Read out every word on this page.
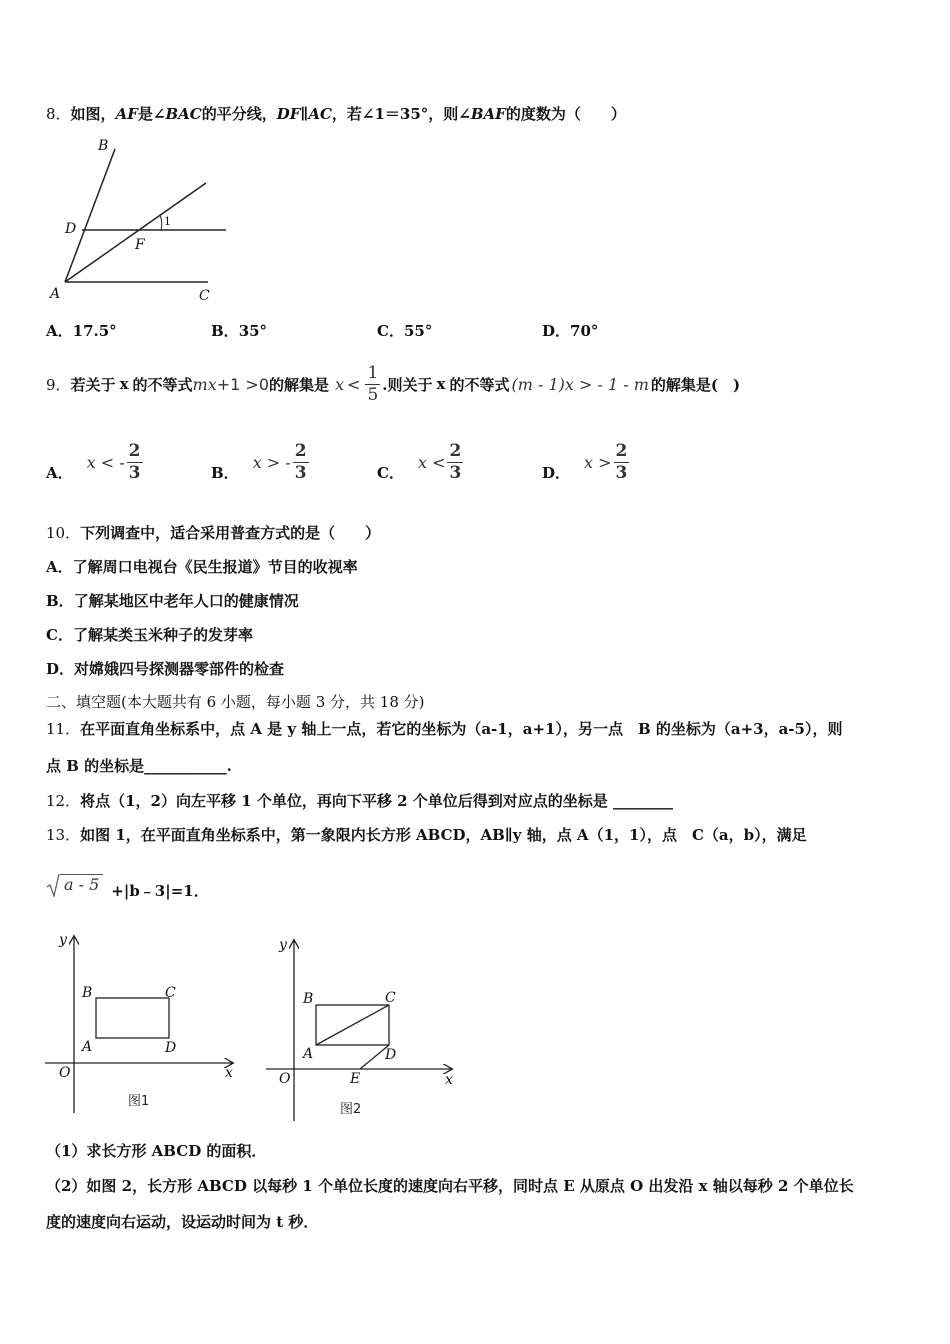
8．如图，AF是∠BAC的平分线，DF∥AC，若∠1＝35°，则∠BAF的度数为（　　）
B
D
F
1
A	C
A．17.5°	B．35°	C．55°	D．70°
9． 若关于 x 的不等式 mx +1 >0 的解集是 $x < \frac{1}{5}$ .则关于 x 的不等式 (m - 1)x > - 1 - m 的解集是(　)
A．
x < - $\frac{2}{3}$	B．
x > - $\frac{2}{3}$	C．
$x < \frac{2}{3}$	D．
$x > \frac{2}{3}$
10．下列调查中，适合采用普查方式的是（　　）
A．了解周口电视台《民生报道》节目的收视率
B．了解某地区中老年人口的健康情况
C．了解某类玉米种子的发芽率
D．对嫦娥四号探测器零部件的检查
二、填空题(本大题共有 6 小题，每小题 3 分，共 18 分)
11．在平面直角坐标系中，点 A 是 y 轴上一点，若它的坐标为（a-1，a+1），另一点　B 的坐标为（a+3，a-5），则
点 B 的坐标是___________.
12．将点（1，2）向左平移 1 个单位，再向下平移 2 个单位后得到对应点的坐标是 ________
13．如图 1，在平面直角坐标系中，第一象限内长方形 ABCD，AB∥y 轴，点 A（1，1），点　C（a，b），满足
a - 5 +|b﹣3|=1．
y
x
O
B	C
A	D
图1
y
x
O
B	C
A	D
E
图2
（1）求长方形 ABCD 的面积．
（2）如图 2，长方形 ABCD 以每秒 1 个单位长度的速度向右平移，同时点 E 从原点 O 出发沿 x 轴以每秒 2 个单位长
度的速度向右运动，设运动时间为 t 秒．
